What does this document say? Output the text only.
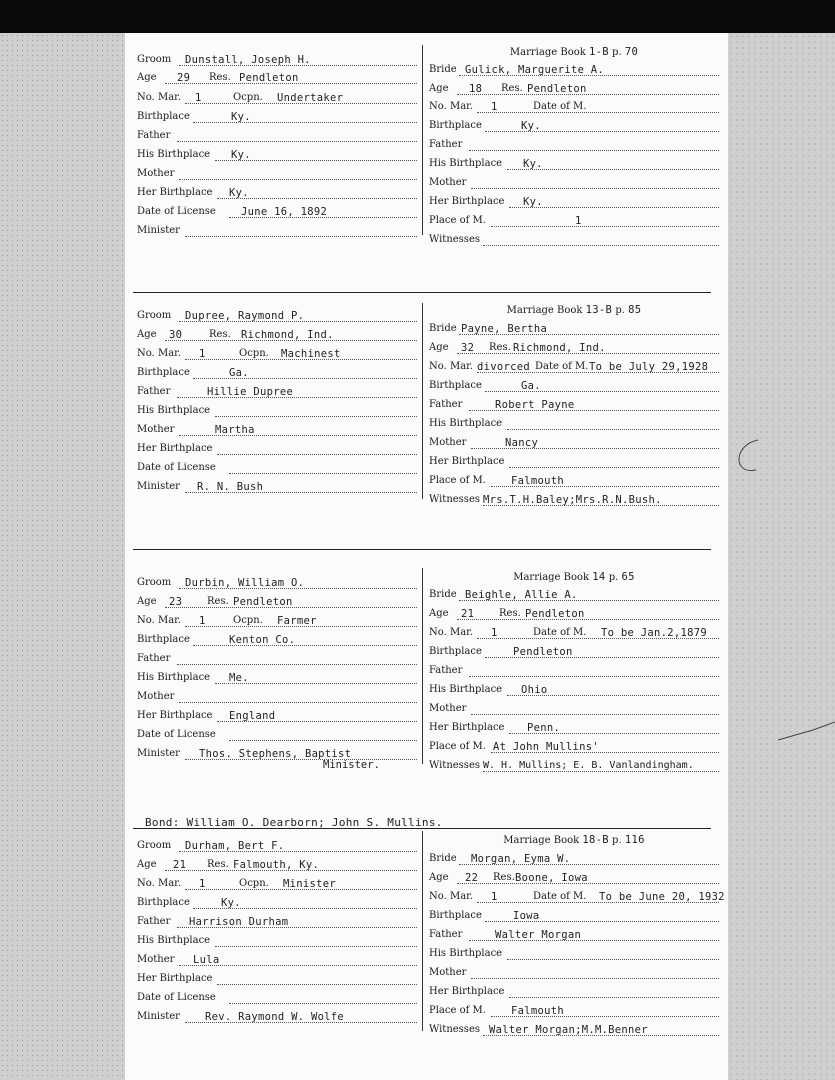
Groom Dunstall, Joseph H.
Age 29 Res. Pendleton
No. Mar. 1	Ocpn. Undertaker
Birthplace	Ky.
Father
His Birthplace Ky.
Mother
Her Birthplace Ky.
Date of License June 16, 1892
Minister
Marriage Book 1-B p. 70
Bride Gulick, Marguerite A.
Age 18 Res. Pendleton
No. Mar. 1	Date of M.
Birthplace	Ky.
Father
His Birthplace Ky.
Mother
Her Birthplace Ky.
Place of M.	1
Witnesses
Groom Dupree, Raymond P.
Age 30	Res. Richmond, Ind.
No. Mar. 1	Ocpn. Machinest
Birthplace	Ga.
Father	Hillie Dupree
His Birthplace
Mother	Martha
Her Birthplace
Date of License
Minister R. N. Bush
Marriage Book 13-B p. 85
Bride Payne, Bertha
Age 32 Res. Richmond, Ind.
No. Mar. divorced Date of M. To be July 29,1928
Birthplace	Ga.
Father	Robert Payne
His Birthplace
Mother	Nancy
Her Birthplace
Place of M. Falmouth
Witnesses Mrs.T.H.Baley;Mrs.R.N.Bush.
Groom Durbin, William O.
Age 23 Res. Pendleton
No. Mar. 1	Ocpn. Farmer
Birthplace	Kenton Co.
Father
His Birthplace Me.
Mother
Her Birthplace England
Date of License
Minister Thos. Stephens, Baptist
Minister.
Marriage Book 14 p. 65
Bride Beighle, Allie A.
Age 21 Res. Pendleton
No. Mar. 1	Date of M. To be Jan.2,1879
Birthplace	Pendleton
Father
His Birthplace Ohio
Mother
Her Birthplace Penn.
Place of M. At John Mullins'
Witnesses W. H. Mullins; E. B. Vanlandingham.
Bond: William O. Dearborn; John S. Mullins.
Groom Durham, Bert F.
Age 21 Res. Falmouth, Ky.
No. Mar. 1	Ocpn. Minister
Birthplace	Ky.
Father Harrison Durham
His Birthplace
Mother Lula
Her Birthplace
Date of License
Minister Rev. Raymond W. Wolfe
Marriage Book 18-B p. 116
Bride Morgan, Eyma W.
Age 22 Res. Boone, Iowa
No. Mar. 1	Date of M. To be June 20, 1932
Birthplace	Iowa
Father	Walter Morgan
His Birthplace
Mother
Her Birthplace
Place of M. Falmouth
Witnesses Walter Morgan;M.M.Benner
